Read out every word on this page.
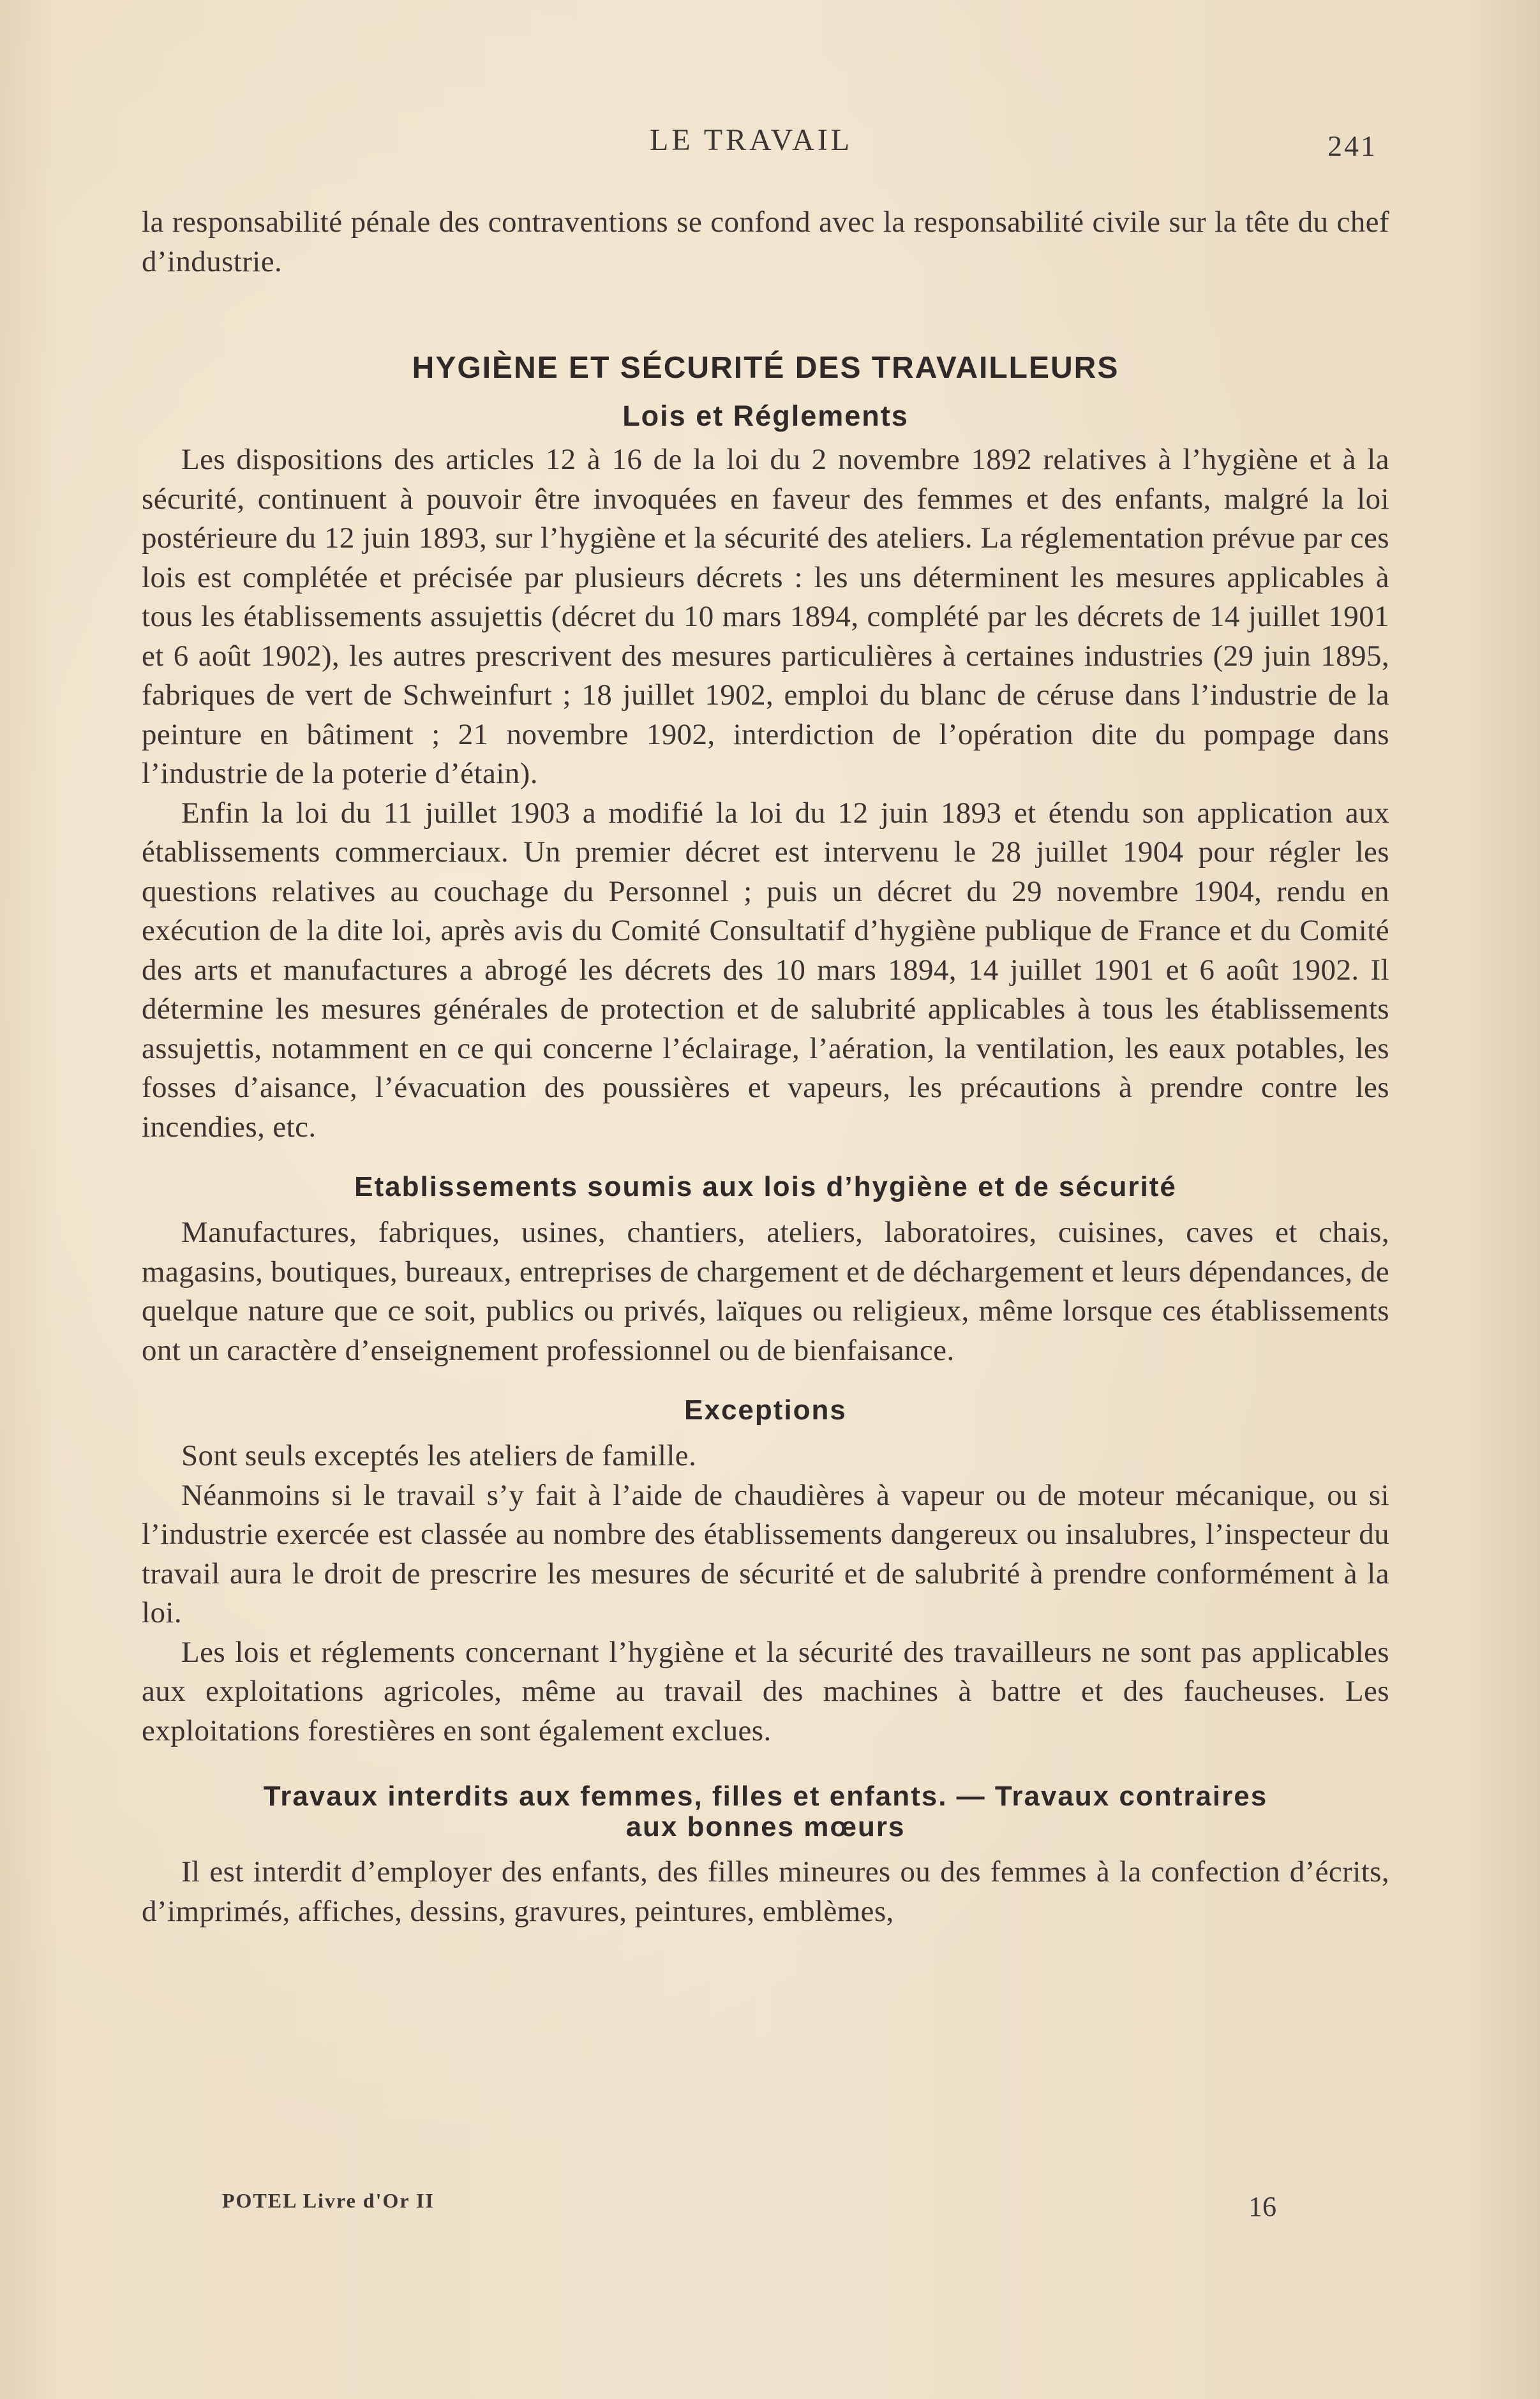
LE TRAVAIL	241

la responsabilité pénale des contraventions se confond avec la responsabilité civile sur la tête du chef d’industrie.

HYGIÈNE ET SÉCURITÉ DES TRAVAILLEURS
Lois et Réglements

Les dispositions des articles 12 à 16 de la loi du 2 novembre 1892 relatives à l’hygiène et à la sécurité, continuent à pouvoir être invoquées en faveur des femmes et des enfants, malgré la loi postérieure du 12 juin 1893, sur l’hygiène et la sécurité des ateliers. La réglementation prévue par ces lois est complétée et précisée par plusieurs décrets : les uns déterminent les mesures applicables à tous les établissements assujettis (décret du 10 mars 1894, complété par les décrets de 14 juillet 1901 et 6 août 1902), les autres prescrivent des mesures particulières à certaines industries (29 juin 1895, fabriques de vert de Schweinfurt ; 18 juillet 1902, emploi du blanc de céruse dans l’industrie de la peinture en bâtiment ; 21 novembre 1902, interdiction de l’opération dite du pompage dans l’industrie de la poterie d’étain).

Enfin la loi du 11 juillet 1903 a modifié la loi du 12 juin 1893 et étendu son application aux établissements commerciaux. Un premier décret est intervenu le 28 juillet 1904 pour régler les questions relatives au couchage du Personnel ; puis un décret du 29 novembre 1904, rendu en exécution de la dite loi, après avis du Comité Consultatif d’hygiène publique de France et du Comité des arts et manufactures a abrogé les décrets des 10 mars 1894, 14 juillet 1901 et 6 août 1902. Il détermine les mesures générales de protection et de salubrité applicables à tous les établissements assujettis, notamment en ce qui concerne l’éclairage, l’aération, la ventilation, les eaux potables, les fosses d’aisance, l’évacuation des poussières et vapeurs, les précautions à prendre contre les incendies, etc.

Etablissements soumis aux lois d’hygiène et de sécurité

Manufactures, fabriques, usines, chantiers, ateliers, laboratoires, cuisines, caves et chais, magasins, boutiques, bureaux, entreprises de chargement et de déchargement et leurs dépendances, de quelque nature que ce soit, publics ou privés, laïques ou religieux, même lorsque ces établissements ont un caractère d’enseignement professionnel ou de bienfaisance.

Exceptions

Sont seuls exceptés les ateliers de famille.

Néanmoins si le travail s’y fait à l’aide de chaudières à vapeur ou de moteur mécanique, ou si l’industrie exercée est classée au nombre des établissements dangereux ou insalubres, l’inspecteur du travail aura le droit de prescrire les mesures de sécurité et de salubrité à prendre conformément à la loi.

Les lois et réglements concernant l’hygiène et la sécurité des travailleurs ne sont pas applicables aux exploitations agricoles, même au travail des machines à battre et des faucheuses. Les exploitations forestières en sont également exclues.

Travaux interdits aux femmes, filles et enfants. — Travaux contraires
aux bonnes mœurs

Il est interdit d’employer des enfants, des filles mineures ou des femmes à la confection d’écrits, d’imprimés, affiches, dessins, gravures, peintures, emblèmes,

POTEL Livre d'Or II	16
